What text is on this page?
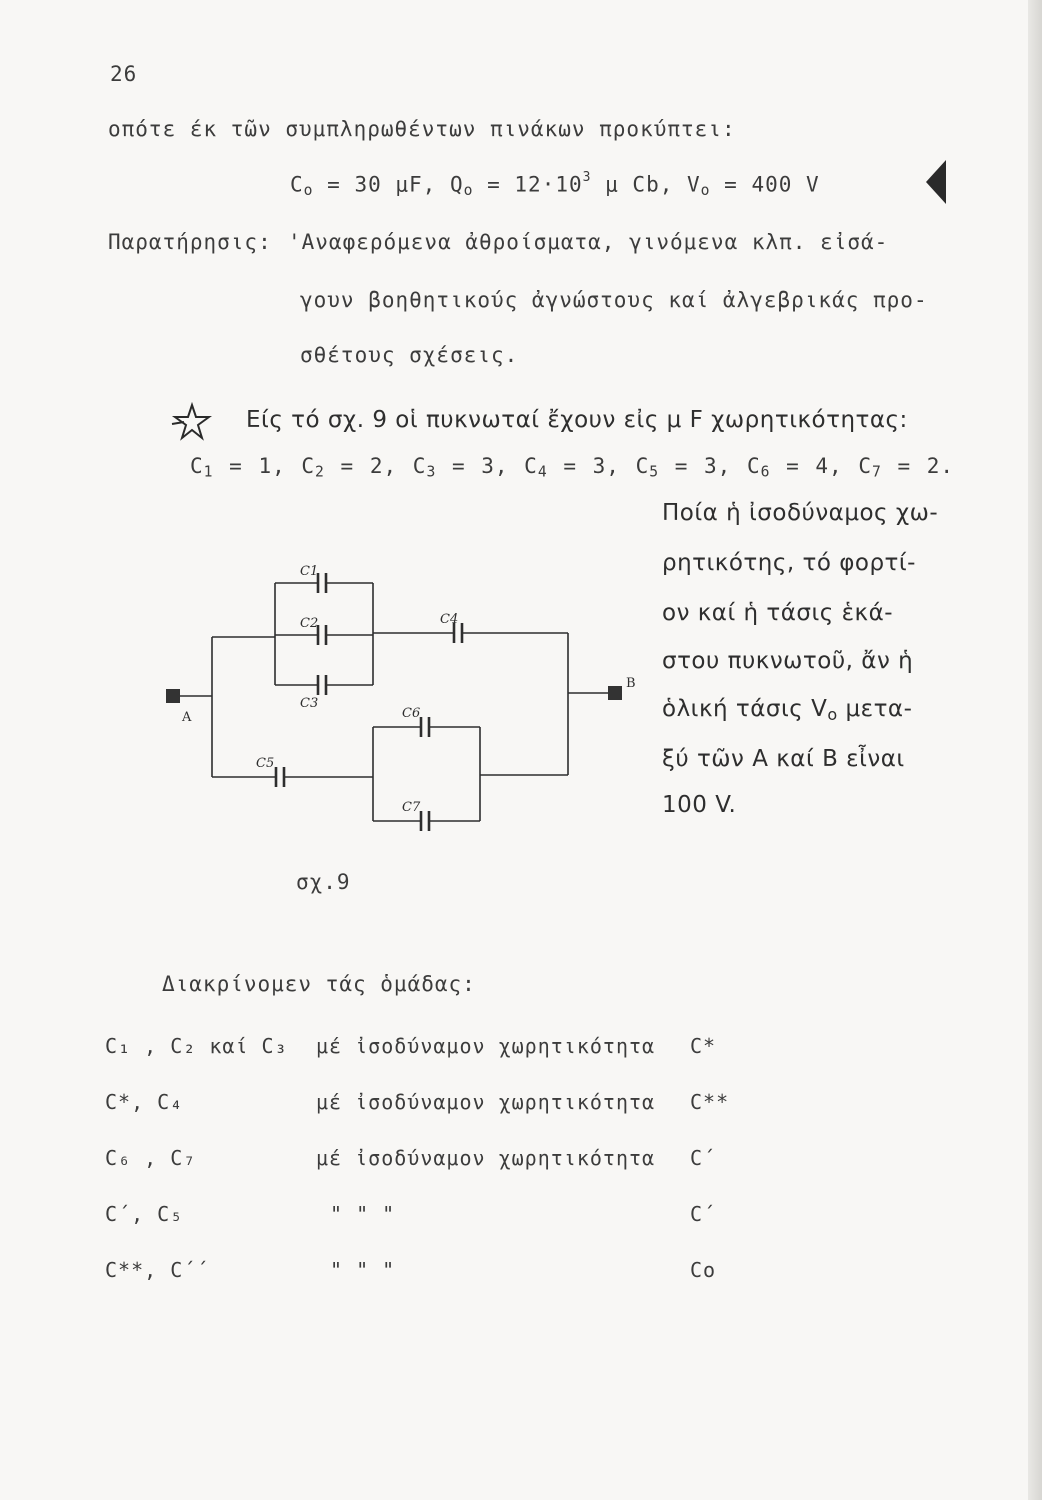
26
οπότε έκ τῶν συμπληρωθέντων πινάκων προκύπτει:
$C_o = 30$ μF, $Q_o = 12\cdot 10^3$ μ Cb, $V_o = 400$ V
Παρατήρησις: 'Αναφερόμενα ἀθροίσματα, γινόμενα κλπ. εἰσά-
γουν βοηθητικούς ἀγνώστους καί ἀλγεβρικάς προ-
σθέτους σχέσεις.
Είς τό σχ. 9 οἱ πυκνωταί ἔχουν εἰς μ F χωρητικότητας:
$C_1 = 1$, $C_2 = 2$, $C_3 = 3$, $C_4 = 3$, $C_5 = 3$, $C_6 = 4$, $C_7 = 2$.
Ποία ἡ ἰσοδύναμος χω-
ρητικότης, τό φορτί-
ον καί ἡ τάσις ἑκά-
στου πυκνωτοῦ, ἄν ἡ
ὁλική τάσις $V_o$ μετα-
ξύ τῶν Α καί Β εἶναι
100 V.
C1
C2
C3
C4
C5
C6
C7
A
B
σχ.9
Διακρίνομεν τάς ὁμάδας:
C₁ , C₂ καί C₃ μέ ἰσοδύναμον χωρητικότητα C*
C*, C₄	μέ ἰσοδύναμον χωρητικότητα C**
C₆ , C₇	μέ ἰσοδύναμον χωρητικότητα C´
C´, C₅	" " "	C´
C**, C´´	" " "	Co
